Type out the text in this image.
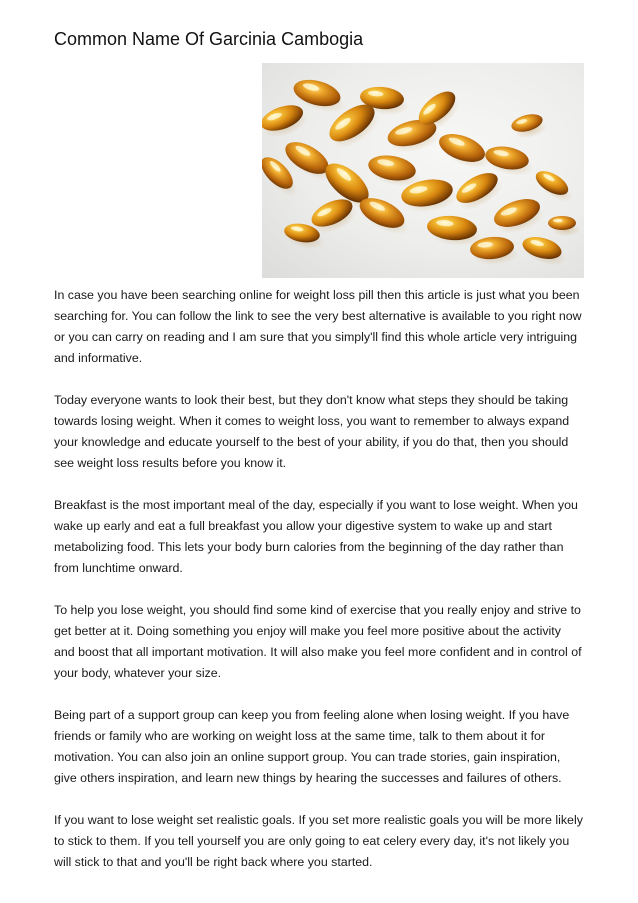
Common Name Of Garcinia Cambogia

In case you have been searching online for weight loss pill then this article is just what you been searching for. You can follow the link to see the very best alternative is available to you right now or you can carry on reading and I am sure that you simply'll find this whole article very intriguing and informative.

Today everyone wants to look their best, but they don't know what steps they should be taking towards losing weight. When it comes to weight loss, you want to remember to always expand your knowledge and educate yourself to the best of your ability, if you do that, then you should see weight loss results before you know it.

Breakfast is the most important meal of the day, especially if you want to lose weight. When you wake up early and eat a full breakfast you allow your digestive system to wake up and start metabolizing food. This lets your body burn calories from the beginning of the day rather than from lunchtime onward.

To help you lose weight, you should find some kind of exercise that you really enjoy and strive to get better at it. Doing something you enjoy will make you feel more positive about the activity and boost that all important motivation. It will also make you feel more confident and in control of your body, whatever your size.

Being part of a support group can keep you from feeling alone when losing weight. If you have friends or family who are working on weight loss at the same time, talk to them about it for motivation. You can also join an online support group. You can trade stories, gain inspiration, give others inspiration, and learn new things by hearing the successes and failures of others.

If you want to lose weight set realistic goals. If you set more realistic goals you will be more likely to stick to them. If you tell yourself you are only going to eat celery every day, it's not likely you will stick to that and you'll be right back where you started.
